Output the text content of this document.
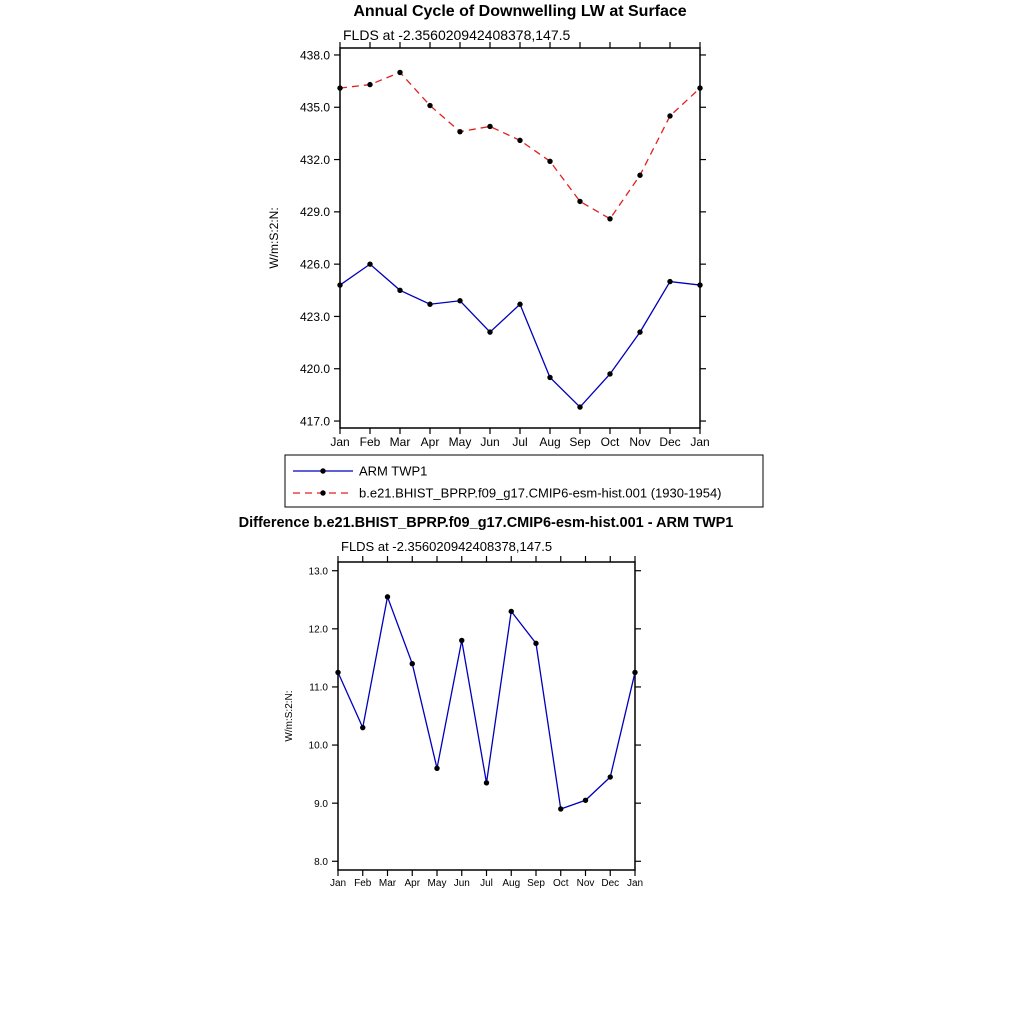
Annual Cycle of Downwelling LW at Surface
FLDS at -2.356020942408378,147.5
417.0
420.0
423.0
426.0
429.0
432.0
435.0
438.0
Jan Feb Mar Apr May Jun Jul Aug Sep Oct Nov Dec Jan
W/m:S:2:N:
ARM TWP1
b.e21.BHIST_BPRP.f09_g17.CMIP6-esm-hist.001 (1930-1954)
Difference b.e21.BHIST_BPRP.f09_g17.CMIP6-esm-hist.001 - ARM TWP1
FLDS at -2.356020942408378,147.5
8.0
9.0
10.0
11.0
12.0
13.0
Jan Feb Mar Apr May Jun Jul Aug Sep Oct Nov Dec Jan
W/m:S:2:N:
